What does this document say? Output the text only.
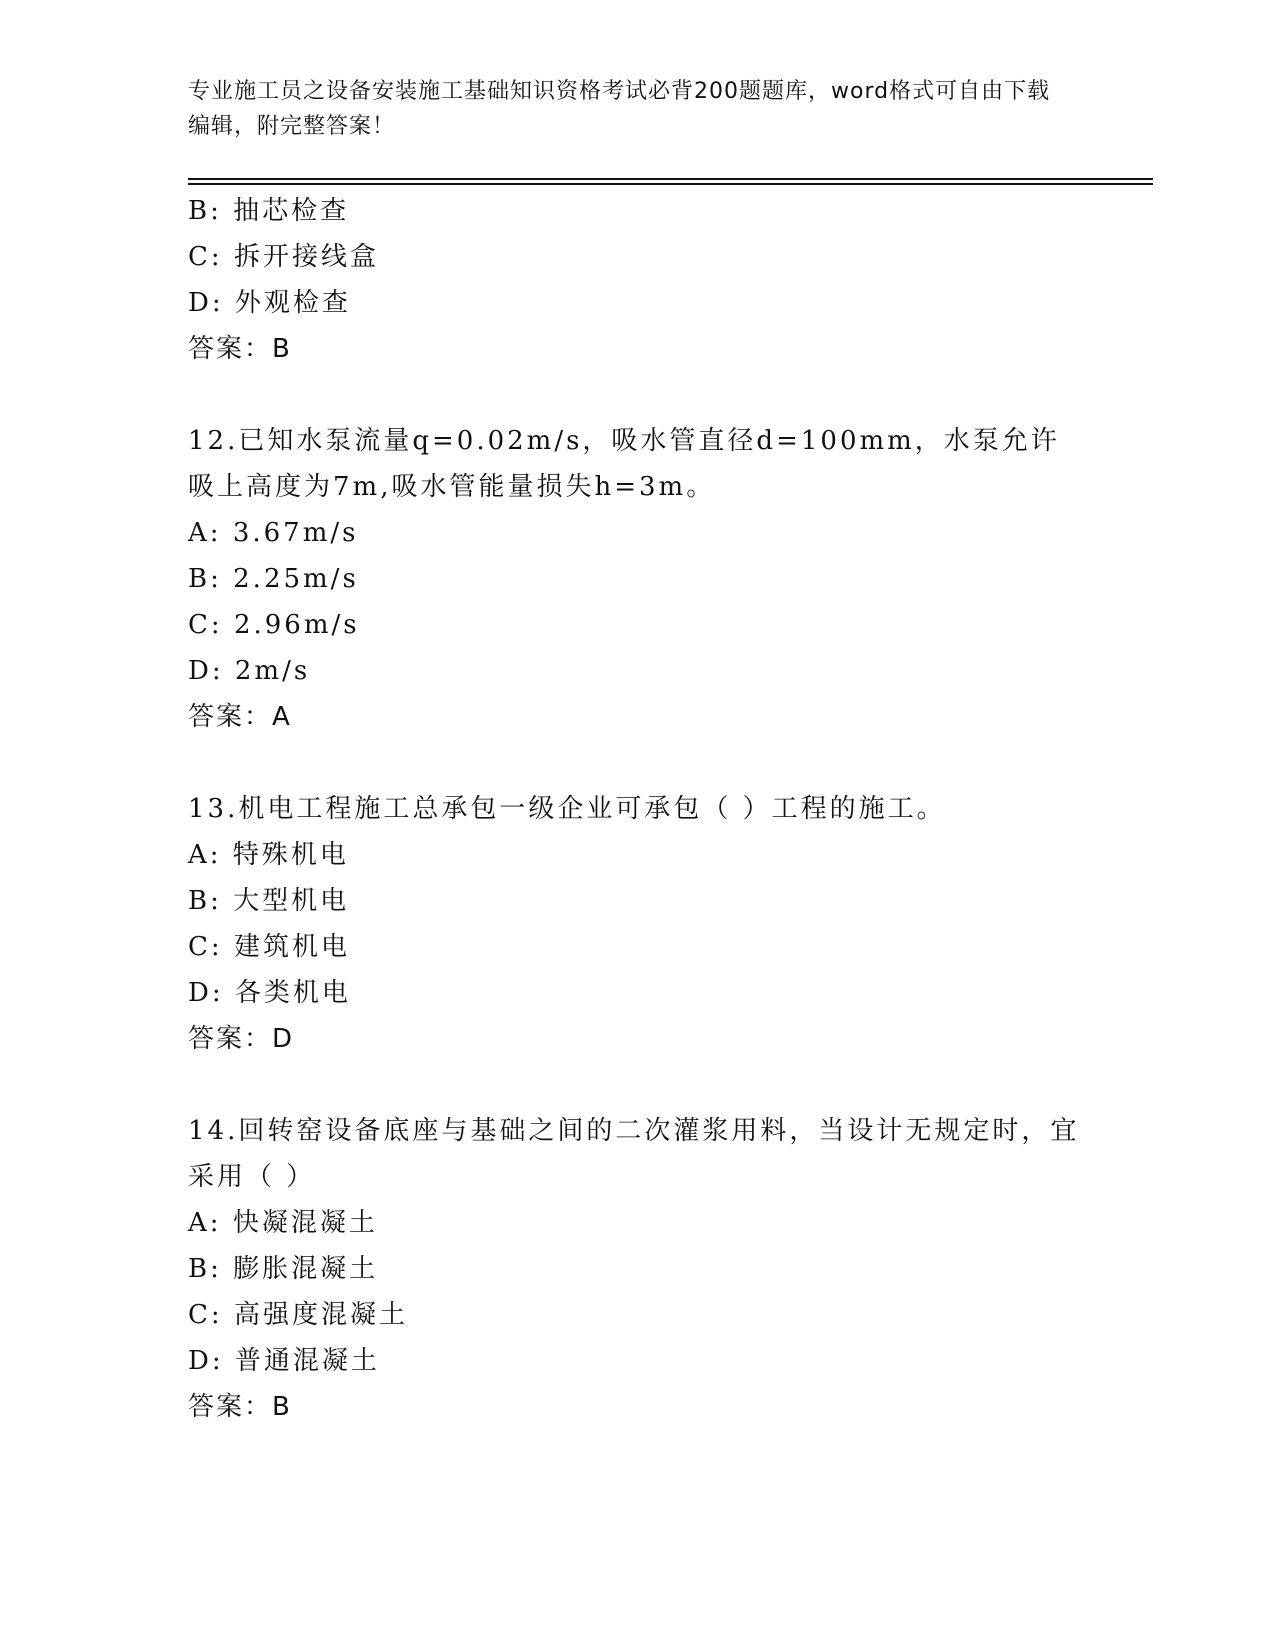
专业施工员之设备安装施工基础知识资格考试必背200题题库，word格式可自由下载编辑，附完整答案！
B: 抽芯检查
C: 拆开接线盒
D: 外观检查
答案：B
12.已知水泵流量q=0.02m/s，吸水管直径d=100mm，水泵允许吸上高度为7m,吸水管能量损失h=3m。
A: 3.67m/s
B: 2.25m/s
C: 2.96m/s
D: 2m/s
答案：A
13.机电工程施工总承包一级企业可承包（ ）工程的施工。
A: 特殊机电
B: 大型机电
C: 建筑机电
D: 各类机电
答案：D
14.回转窑设备底座与基础之间的二次灌浆用料，当设计无规定时，宜采用（ ）
A: 快凝混凝土
B: 膨胀混凝土
C: 高强度混凝土
D: 普通混凝土
答案：B
